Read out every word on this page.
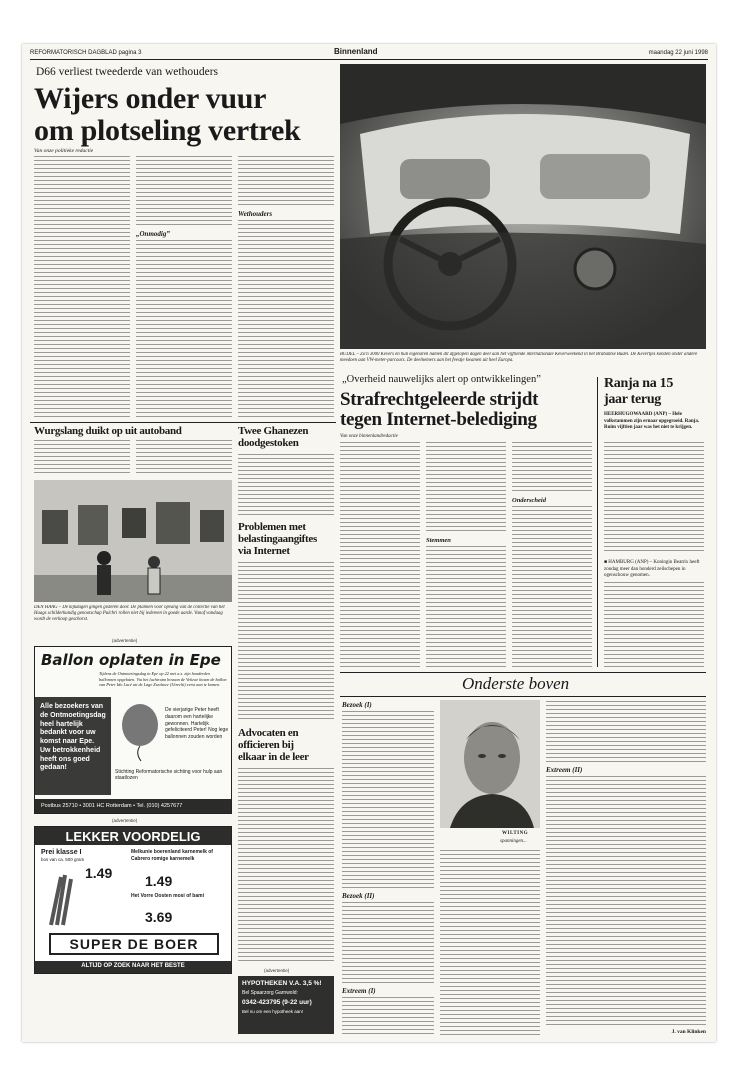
REFORMATORISCH DAGBLAD pagina 3	Binnenland	maandag 22 juni 1998
D66 verliest tweederde van wethouders
Wijers onder vuur
om plotseling vertrek
Van onze politieke redactie
„Onmodig”
Wethouders
BUDEL – Zo'n 3000 Kevers en hun eigenaren namen dit afgelopen dagen deel aan het vijftiende internationale Keverweekend in het Brabantse Budel. De Kevertjes konden onder andere meedoen aan VW-meter-parcours. De deelnemers aan het feestje kwamen uit heel Europa.
„Overheid nauwelijks alert op ontwikkelingen”
Strafrechtgeleerde strijdt
tegen Internet-belediging
Van onze binnenlandredactie
Stemmen
Onderscheid
Ranja na 15
jaar terug
HEERHUGOWAARD (ANP) – Hele volkstammen zijn ernaar opgegroeid. Ranja. Ruim vijftien jaar was het niet te krijgen.
■ HAMBURG (ANP) – Koningin Beatrix heeft zondag meer dan honderd zeilschepen in ogenschouw genomen.
Wurgslang duikt op uit autoband
DEN HAAG – De kijkdagen gingen gisteren door. De plannen voor opvang van de collectie van het Haags schilderkundig genootschap Pulchri rollen niet bij iedereen in goede aarde. Vanaf vandaag wordt de verkoop geschorst.
Twee Ghanezen
doodgestoken
Problemen met
belastingaangiftes
via Internet
Advocaten en
officieren bij
elkaar in de leer
(advertentie)
Ballon oplaten in Epe
Tijdens de Ontmoetingsdag in Epe op 22 mei a.s. zijn honderden ballonnen opgelaten. Via het luchtruim bovaan de Veluwe kwam de ballon van Peter Ido Lacé uit de Lage Zwaluwe (Utrecht) eerst aan te komen.
Alle bezoekers van de Ontmoetingsdag heel hartelijk bedankt voor uw komst naar Epe. Uw betrokkenheid heeft ons goed gedaan!
De vierjarige Peter heeft daarom een hartelijke gewonnen. Hartelijk gefeliciteerd Peter! Nog lege ballonnen zouden worden
Stichting Reformatorische sichting voor hulp aan staatlozen
Postbus 25710 • 3001 HC Rotterdam • Tel. (010) 4257677
(advertentie)
LEKKER VOORDELIG
Prei klasse I
bos van ca. 500 gram
1.49
Melkunie boerenland karnemelk of Cabrero romige karnemelk
1.49
Het Vorre Oosten mosi of bami
3.69
SUPER DE BOER
ALTIJD OP ZOEK NAAR HET BESTE
(advertentie)
HYPOTHEKEN V.A. 3,5 %!
Bel Spaarzorg Garnwold:
0342-423795 (9-22 uur)
Bel nu om een hypotheek aan!
Onderste boven
Bezoek (I)
Bezoek (II)
Extreem (I)
WILTING
spanningen...
Extreem (II)
J. van Klinken
